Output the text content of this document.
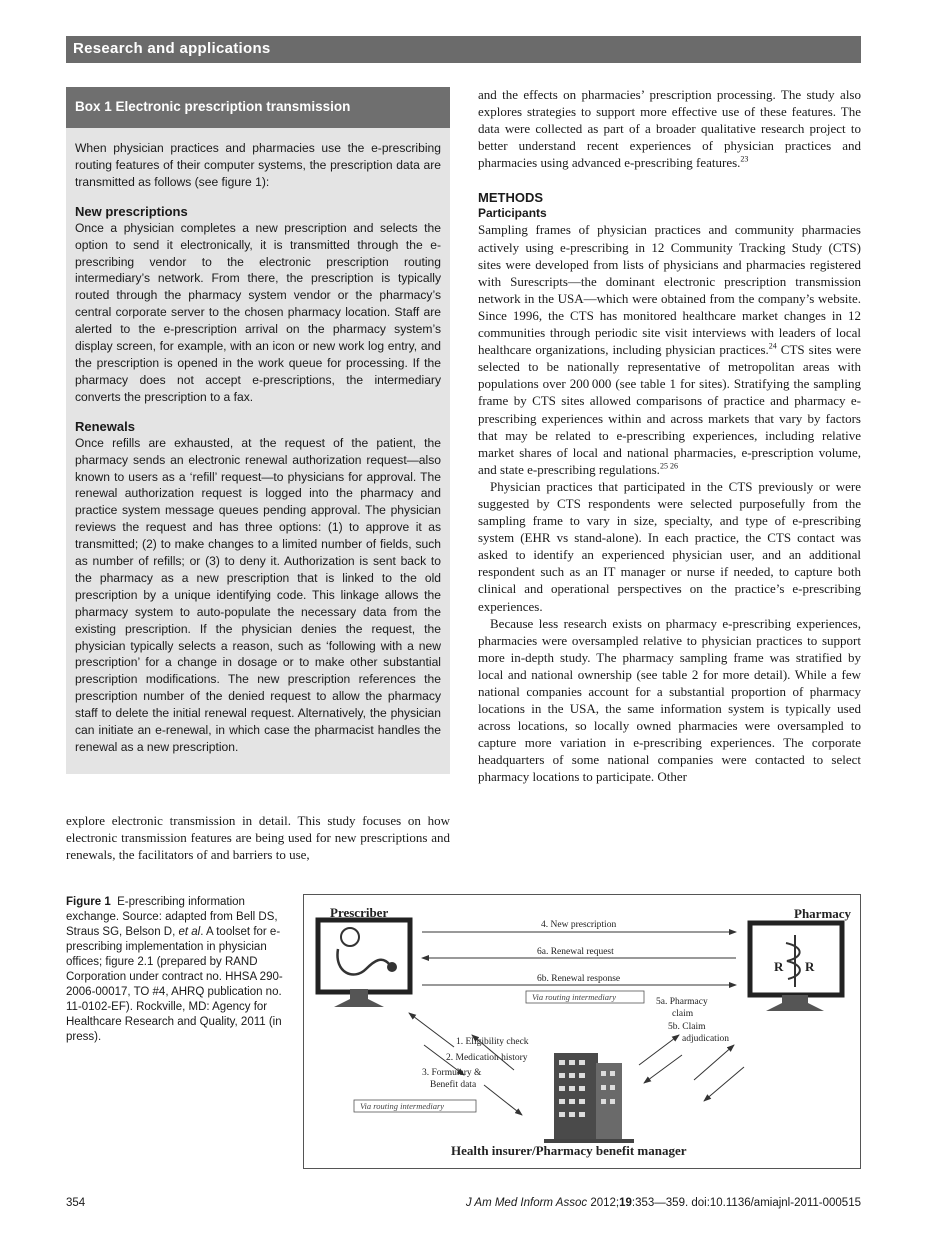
Research and applications
Box 1 Electronic prescription transmission

When physician practices and pharmacies use the e-prescribing routing features of their computer systems, the prescription data are transmitted as follows (see figure 1):

New prescriptions

Once a physician completes a new prescription and selects the option to send it electronically, it is transmitted through the e-prescribing vendor to the electronic prescription routing intermediary’s network. From there, the prescription is typically routed through the pharmacy system vendor or the pharmacy’s central corporate server to the chosen pharmacy location. Staff are alerted to the e-prescription arrival on the pharmacy system’s display screen, for example, with an icon or new work log entry, and the prescription is opened in the work queue for processing. If the pharmacy does not accept e-prescriptions, the intermediary converts the prescription to a fax.

Renewals

Once refills are exhausted, at the request of the patient, the pharmacy sends an electronic renewal authorization request—also known to users as a ‘refill’ request—to physicians for approval. The renewal authorization request is logged into the pharmacy and practice system message queues pending approval. The physician reviews the request and has three options: (1) to approve it as transmitted; (2) to make changes to a limited number of fields, such as number of refills; or (3) to deny it. Authorization is sent back to the pharmacy as a new prescription that is linked to the old prescription by a unique identifying code. This linkage allows the pharmacy system to auto-populate the necessary data from the existing prescription. If the physician denies the request, the physician typically selects a reason, such as ‘following with a new prescription’ for a change in dosage or to make other substantial prescription modifications. The new prescription references the prescription number of the denied request to allow the pharmacy staff to delete the initial renewal request. Alternatively, the physician can initiate an e-renewal, in which case the pharmacist handles the renewal as a new prescription.

explore electronic transmission in detail. This study focuses on how electronic transmission features are being used for new prescriptions and renewals, the facilitators of and barriers to use,

and the effects on pharmacies’ prescription processing. The study also explores strategies to support more effective use of these features. The data were collected as part of a broader qualitative research project to better understand recent experiences of physician practices and pharmacies using advanced e-prescribing features.$^{23}$

METHODS
Participants

Sampling frames of physician practices and community pharmacies actively using e-prescribing in 12 Community Tracking Study (CTS) sites were developed from lists of physicians and pharmacies registered with Surescripts—the dominant electronic prescription transmission network in the USA—which were obtained from the company’s website. Since 1996, the CTS has monitored healthcare market changes in 12 communities through periodic site visit interviews with leaders of local healthcare organizations, including physician practices.$^{24}$ CTS sites were selected to be nationally representative of metropolitan areas with populations over 200 000 (see table 1 for sites). Stratifying the sampling frame by CTS sites allowed comparisons of practice and pharmacy e-prescribing experiences within and across markets that vary by factors that may be related to e-prescribing experiences, including relative market shares of local and national pharmacies, e-prescription volume, and state e-prescribing regulations.$^{25 26}$

Physician practices that participated in the CTS previously or were suggested by CTS respondents were selected purposefully from the sampling frame to vary in size, specialty, and type of e-prescribing system (EHR vs stand-alone). In each practice, the CTS contact was asked to identify an experienced physician user, and an additional respondent such as an IT manager or nurse if needed, to capture both clinical and operational perspectives on the practice’s e-prescribing experiences.

Because less research exists on pharmacy e-prescribing experiences, pharmacies were oversampled relative to physician practices to support more in-depth study. The pharmacy sampling frame was stratified by local and national ownership (see table 2 for more detail). While a few national companies account for a substantial proportion of pharmacy locations in the USA, the same information system is typically used across locations, so locally owned pharmacies were oversampled to capture more variation in e-prescribing experiences. The corporate headquarters of some national companies were contacted to select pharmacy locations to participate. Other

Figure 1 E-prescribing information exchange. Source: adapted from Bell DS, Straus SG, Belson D, et al. A toolset for e-prescribing implementation in physician offices; figure 2.1 (prepared by RAND Corporation under contract no. HHSA 290-2006-00017, TO #4, AHRQ publication no. 11-0102-EF). Rockville, MD: Agency for Healthcare Research and Quality, 2011 (in press).
R R
Prescriber	Pharmacy
4. New prescription
6a. Renewal request
6b. Renewal response
Via routing intermediary
1. Eligibility check
2. Medication history
3. Formulary &
Benefit data
Via routing intermediary
5a. Pharmacy
claim
5b. Claim
adjudication
Health insurer/Pharmacy benefit manager
354	J Am Med Inform Assoc 2012;19:353—359. doi:10.1136/amiajnl-2011-000515
